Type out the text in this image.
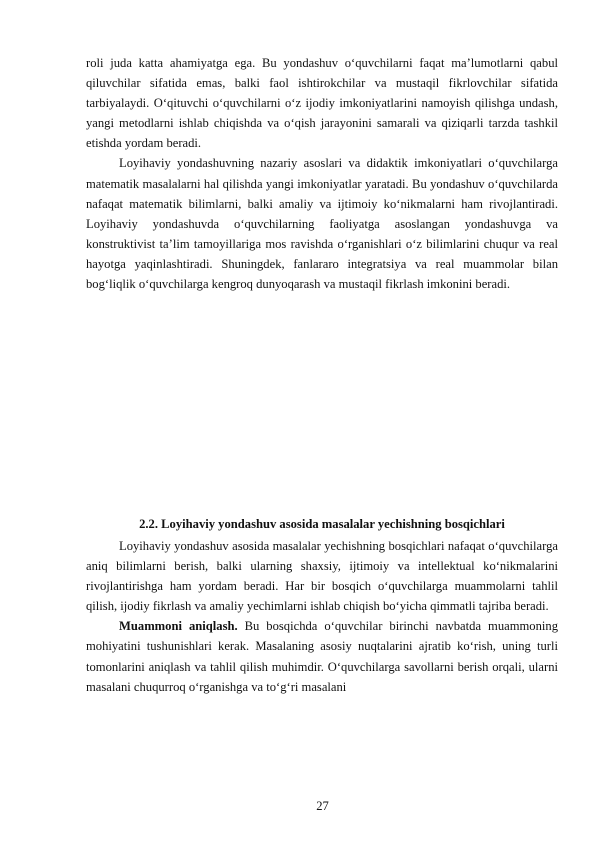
roli juda katta ahamiyatga ega. Bu yondashuv o‘quvchilarni faqat ma’lumotlarni qabul qiluvchilar sifatida emas, balki faol ishtirokchilar va mustaqil fikrlovchilar sifatida tarbiyalaydi. O‘qituvchi o‘quvchilarni o‘z ijodiy imkoniyatlarini namoyish qilishga undash, yangi metodlarni ishlab chiqishda va o‘qish jarayonini samarali va qiziqarli tarzda tashkil etishda yordam beradi.

Loyihaviy yondashuvning nazariy asoslari va didaktik imkoniyatlari o‘quvchilarga matematik masalalarni hal qilishda yangi imkoniyatlar yaratadi. Bu yondashuv o‘quvchilarda nafaqat matematik bilimlarni, balki amaliy va ijtimoiy ko‘nikmalarni ham rivojlantiradi. Loyihaviy yondashuvda o‘quvchilarning faoliyatga asoslangan yondashuvga va konstruktivist ta’lim tamoyillariga mos ravishda o‘rganishlari o‘z bilimlarini chuqur va real hayotga yaqinlashtiradi. Shuningdek, fanlararo integratsiya va real muammolar bilan bog‘liqlik o‘quvchilarga kengroq dunyoqarash va mustaqil fikrlash imkonini beradi.

2.2. Loyihaviy yondashuv asosida masalalar yechishning bosqichlari

Loyihaviy yondashuv asosida masalalar yechishning bosqichlari nafaqat o‘quvchilarga aniq bilimlarni berish, balki ularning shaxsiy, ijtimoiy va intellektual ko‘nikmalarini rivojlantirishga ham yordam beradi. Har bir bosqich o‘quvchilarga muammolarni tahlil qilish, ijodiy fikrlash va amaliy yechimlarni ishlab chiqish bo‘yicha qimmatli tajriba beradi.

Muammoni aniqlash. Bu bosqichda o‘quvchilar birinchi navbatda muammoning mohiyatini tushunishlari kerak. Masalaning asosiy nuqtalarini ajratib ko‘rish, uning turli tomonlarini aniqlash va tahlil qilish muhimdir. O‘quvchilarga savollarni berish orqali, ularni masalani chuqurroq o‘rganishga va to‘g‘ri masalani

27
